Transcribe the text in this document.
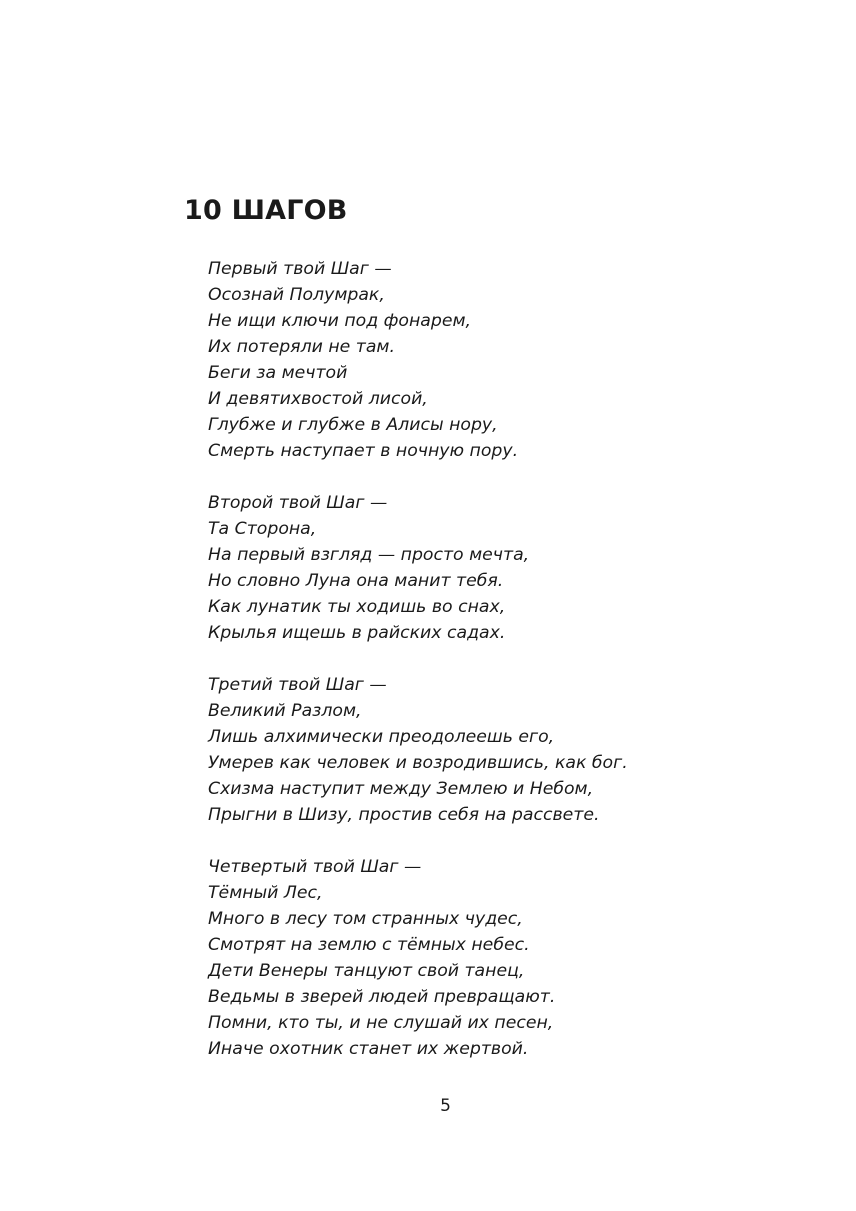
10 ШАГОВ
Первый твой Шаг —
Осознай Полумрак,
Не ищи ключи под фонарем,
Их потеряли не там.
Беги за мечтой
И девятихвостой лисой,
Глубже и глубже в Алисы нору,
Смерть наступает в ночную пору.
Второй твой Шаг —
Та Сторона,
На первый взгляд — просто мечта,
Но словно Луна она манит тебя.
Как лунатик ты ходишь во снах,
Крылья ищешь в райских садах.
Третий твой Шаг —
Великий Разлом,
Лишь алхимически преодолеешь его,
Умерев как человек и возродившись, как бог.
Схизма наступит между Землею и Небом,
Прыгни в Шизу, простив себя на рассвете.
Четвертый твой Шаг —
Тёмный Лес,
Много в лесу том странных чудес,
Смотрят на землю с тёмных небес.
Дети Венеры танцуют свой танец,
Ведьмы в зверей людей превращают.
Помни, кто ты, и не слушай их песен,
Иначе охотник станет их жертвой.
5
